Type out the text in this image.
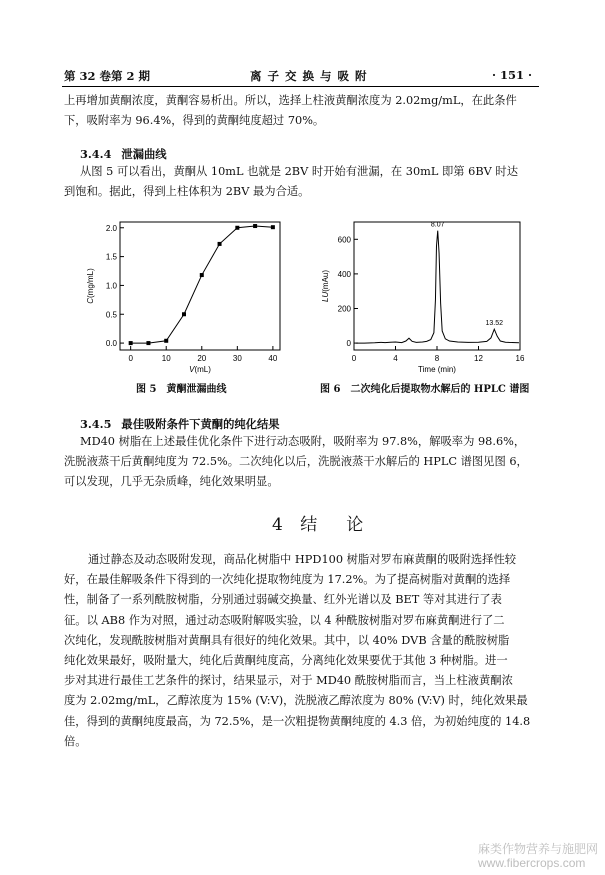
第 32 卷第 2 期	离 子 交 换 与 吸 附	· 151 ·
上再增加黄酮浓度，黄酮容易析出。所以，选择上柱液黄酮浓度为 2.02mg/mL，在此条件
下，吸附率为 96.4%，得到的黄酮纯度超过 70%。
3.4.4 泄漏曲线
从图 5 可以看出，黄酮从 10mL 也就是 2BV 时开始有泄漏，在 30mL 即第 6BV 时达
到饱和。据此，得到上柱体积为 2BV 最为合适。
0	10	20	30	40
0.0
0.5
1.0
1.5
2.0
V(mL)
C(mg/mL)
图 5　黄酮泄漏曲线
0	4	8	12	16
0
200
400
600
8.07
13.52
Time (min)
LU(mAu)
图 6　二次纯化后提取物水解后的 HPLC 谱图
3.4.5 最佳吸附条件下黄酮的纯化结果
MD40 树脂在上述最佳优化条件下进行动态吸附，吸附率为 97.8%，解吸率为 98.6%，
洗脱液蒸干后黄酮纯度为 72.5%。二次纯化以后，洗脱液蒸干水解后的 HPLC 谱图见图 6，
可以发现，几乎无杂质峰，纯化效果明显。
4 结　论
通过静态及动态吸附发现，商品化树脂中 HPD100 树脂对罗布麻黄酮的吸附选择性较
好，在最佳解吸条件下得到的一次纯化提取物纯度为 17.2%。为了提高树脂对黄酮的选择
性，制备了一系列酰胺树脂，分别通过弱碱交换量、红外光谱以及 BET 等对其进行了表
征。以 AB8 作为对照，通过动态吸附解吸实验，以 4 种酰胺树脂对罗布麻黄酮进行了二
次纯化，发现酰胺树脂对黄酮具有很好的纯化效果。其中，以 40% DVB 含量的酰胺树脂
纯化效果最好，吸附量大，纯化后黄酮纯度高，分离纯化效果要优于其他 3 种树脂。进一
步对其进行最佳工艺条件的探讨，结果显示，对于 MD40 酰胺树脂而言，当上柱液黄酮浓
度为 2.02mg/mL，乙醇浓度为 15% (V:V)，洗脱液乙醇浓度为 80% (V:V) 时，纯化效果最
佳，得到的黄酮纯度最高，为 72.5%，是一次粗提物黄酮纯度的 4.3 倍，为初始纯度的 14.8
倍。
麻类作物营养与施肥网
www.fibercrops.com
